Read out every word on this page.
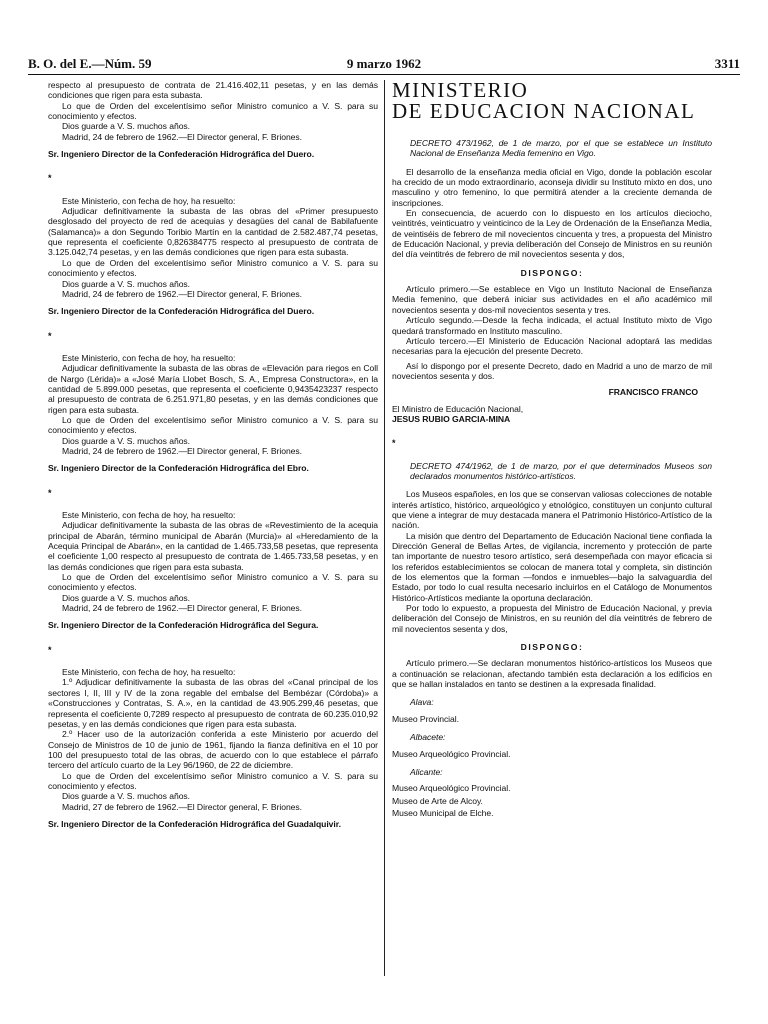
B. O. del E.—Núm. 59	9 marzo 1962	3311

respecto al presupuesto de contrata de 21.416.402,11 pesetas, y en las demás condiciones que rigen para esta subasta.

Lo que de Orden del excelentísimo señor Ministro comunico a V. S. para su conocimiento y efectos.

Dios guarde a V. S. muchos años.

Madrid, 24 de febrero de 1962.—El Director general, F. Briones.

Sr. Ingeniero Director de la Confederación Hidrográfica del Duero.

*

Este Ministerio, con fecha de hoy, ha resuelto:

Adjudicar definitivamente la subasta de las obras del «Primer presupuesto desglosado del proyecto de red de acequias y desagües del canal de Babilafuente (Salamanca)» a don Segundo Toribio Martín en la cantidad de 2.582.487,74 pesetas, que representa el coeficiente 0,826384775 respecto al presupuesto de contrata de 3.125.042,74 pesetas, y en las demás condiciones que rigen para esta subasta.

Lo que de Orden del excelentísimo señor Ministro comunico a V. S. para su conocimiento y efectos.

Dios guarde a V. S. muchos años.

Madrid, 24 de febrero de 1962.—El Director general, F. Briones.

Sr. Ingeniero Director de la Confederación Hidrográfica del Duero.

*

Este Ministerio, con fecha de hoy, ha resuelto:

Adjudicar definitivamente la subasta de las obras de «Elevación para riegos en Coll de Nargo (Lérida)» a «José María Llobet Bosch, S. A., Empresa Constructora», en la cantidad de 5.899.000 pesetas, que representa el coeficiente 0,9435423237 respecto al presupuesto de contrata de 6.251.971,80 pesetas, y en las demás condiciones que rigen para esta subasta.

Lo que de Orden del excelentísimo señor Ministro comunico a V. S. para su conocimiento y efectos.

Dios guarde a V. S. muchos años.

Madrid, 24 de febrero de 1962.—El Director general, F. Briones.

Sr. Ingeniero Director de la Confederación Hidrográfica del Ebro.

*

Este Ministerio, con fecha de hoy, ha resuelto:

Adjudicar definitivamente la subasta de las obras de «Revestimiento de la acequia principal de Abarán, término municipal de Abarán (Murcia)» al «Heredamiento de la Acequia Principal de Abarán», en la cantidad de 1.465.733,58 pesetas, que representa el coeficiente 1,00 respecto al presupuesto de contrata de 1.465.733,58 pesetas, y en las demás condiciones que rigen para esta subasta.

Lo que de Orden del excelentísimo señor Ministro comunico a V. S. para su conocimiento y efectos.

Dios guarde a V. S. muchos años.

Madrid, 24 de febrero de 1962.—El Director general, F. Briones.

Sr. Ingeniero Director de la Confederación Hidrográfica del Segura.

*

Este Ministerio, con fecha de hoy, ha resuelto:

1.º Adjudicar definitivamente la subasta de las obras del «Canal principal de los sectores I, II, III y IV de la zona regable del embalse del Bembézar (Córdoba)» a «Construcciones y Contratas, S. A.», en la cantidad de 43.905.299,46 pesetas, que representa el coeficiente 0,7289 respecto al presupuesto de contrata de 60.235.010,92 pesetas, y en las demás condiciones que rigen para esta subasta.

2.º Hacer uso de la autorización conferida a este Ministerio por acuerdo del Consejo de Ministros de 10 de junio de 1961, fijando la fianza definitiva en el 10 por 100 del presupuesto total de las obras, de acuerdo con lo que establece el párrafo tercero del artículo cuarto de la Ley 96/1960, de 22 de diciembre.

Lo que de Orden del excelentísimo señor Ministro comunico a V. S. para su conocimiento y efectos.

Dios guarde a V. S. muchos años.

Madrid, 27 de febrero de 1962.—El Director general, F. Briones.

Sr. Ingeniero Director de la Confederación Hidrográfica del Guadalquivir.

MINISTERIO
DE EDUCACION NACIONAL

DECRETO 473/1962, de 1 de marzo, por el que se establece un Instituto Nacional de Enseñanza Media femenino en Vigo.

El desarrollo de la enseñanza media oficial en Vigo, donde la población escolar ha crecido de un modo extraordinario, aconseja dividir su Instituto mixto en dos, uno masculino y otro femenino, lo que permitirá atender a la creciente demanda de inscripciones.

En consecuencia, de acuerdo con lo dispuesto en los artículos dieciocho, veintitrés, veinticuatro y veinticinco de la Ley de Ordenación de la Enseñanza Media, de veintiséis de febrero de mil novecientos cincuenta y tres, a propuesta del Ministro de Educación Nacional, y previa deliberación del Consejo de Ministros en su reunión del día veintitrés de febrero de mil novecientos sesenta y dos,

DISPONGO:

Artículo primero.—Se establece en Vigo un Instituto Nacional de Enseñanza Media femenino, que deberá iniciar sus actividades en el año académico mil novecientos sesenta y dos-mil novecientos sesenta y tres.

Artículo segundo.—Desde la fecha indicada, el actual Instituto mixto de Vigo quedará transformado en Instituto masculino.

Artículo tercero.—El Ministerio de Educación Nacional adoptará las medidas necesarias para la ejecución del presente Decreto.

Así lo dispongo por el presente Decreto, dado en Madrid a uno de marzo de mil novecientos sesenta y dos.

FRANCISCO FRANCO

El Ministro de Educación Nacional,

JESUS RUBIO GARCIA-MINA

*

DECRETO 474/1962, de 1 de marzo, por el que determinados Museos son declarados monumentos histórico-artísticos.

Los Museos españoles, en los que se conservan valiosas colecciones de notable interés artístico, histórico, arqueológico y etnológico, constituyen un conjunto cultural que viene a integrar de muy destacada manera el Patrimonio Histórico-Artístico de la nación.

La misión que dentro del Departamento de Educación Nacional tiene confiada la Dirección General de Bellas Artes, de vigilancia, incremento y protección de parte tan importante de nuestro tesoro artístico, será desempeñada con mayor eficacia si los referidos establecimientos se colocan de manera total y completa, sin distinción de los elementos que la forman —fondos e inmuebles—bajo la salvaguardia del Estado, por todo lo cual resulta necesario incluirlos en el Catálogo de Monumentos Histórico-Artísticos mediante la oportuna declaración.

Por todo lo expuesto, a propuesta del Ministro de Educación Nacional, y previa deliberación del Consejo de Ministros, en su reunión del día veintitrés de febrero de mil novecientos sesenta y dos,

DISPONGO:

Artículo primero.—Se declaran monumentos histórico-artísticos los Museos que a continuación se relacionan, afectando también esta declaración a los edificios en que se hallan instalados en tanto se destinen a la expresada finalidad.

Alava:

Museo Provincial.

Albacete:

Museo Arqueológico Provincial.

Alicante:

Museo Arqueológico Provincial.

Museo de Arte de Alcoy.

Museo Municipal de Elche.
